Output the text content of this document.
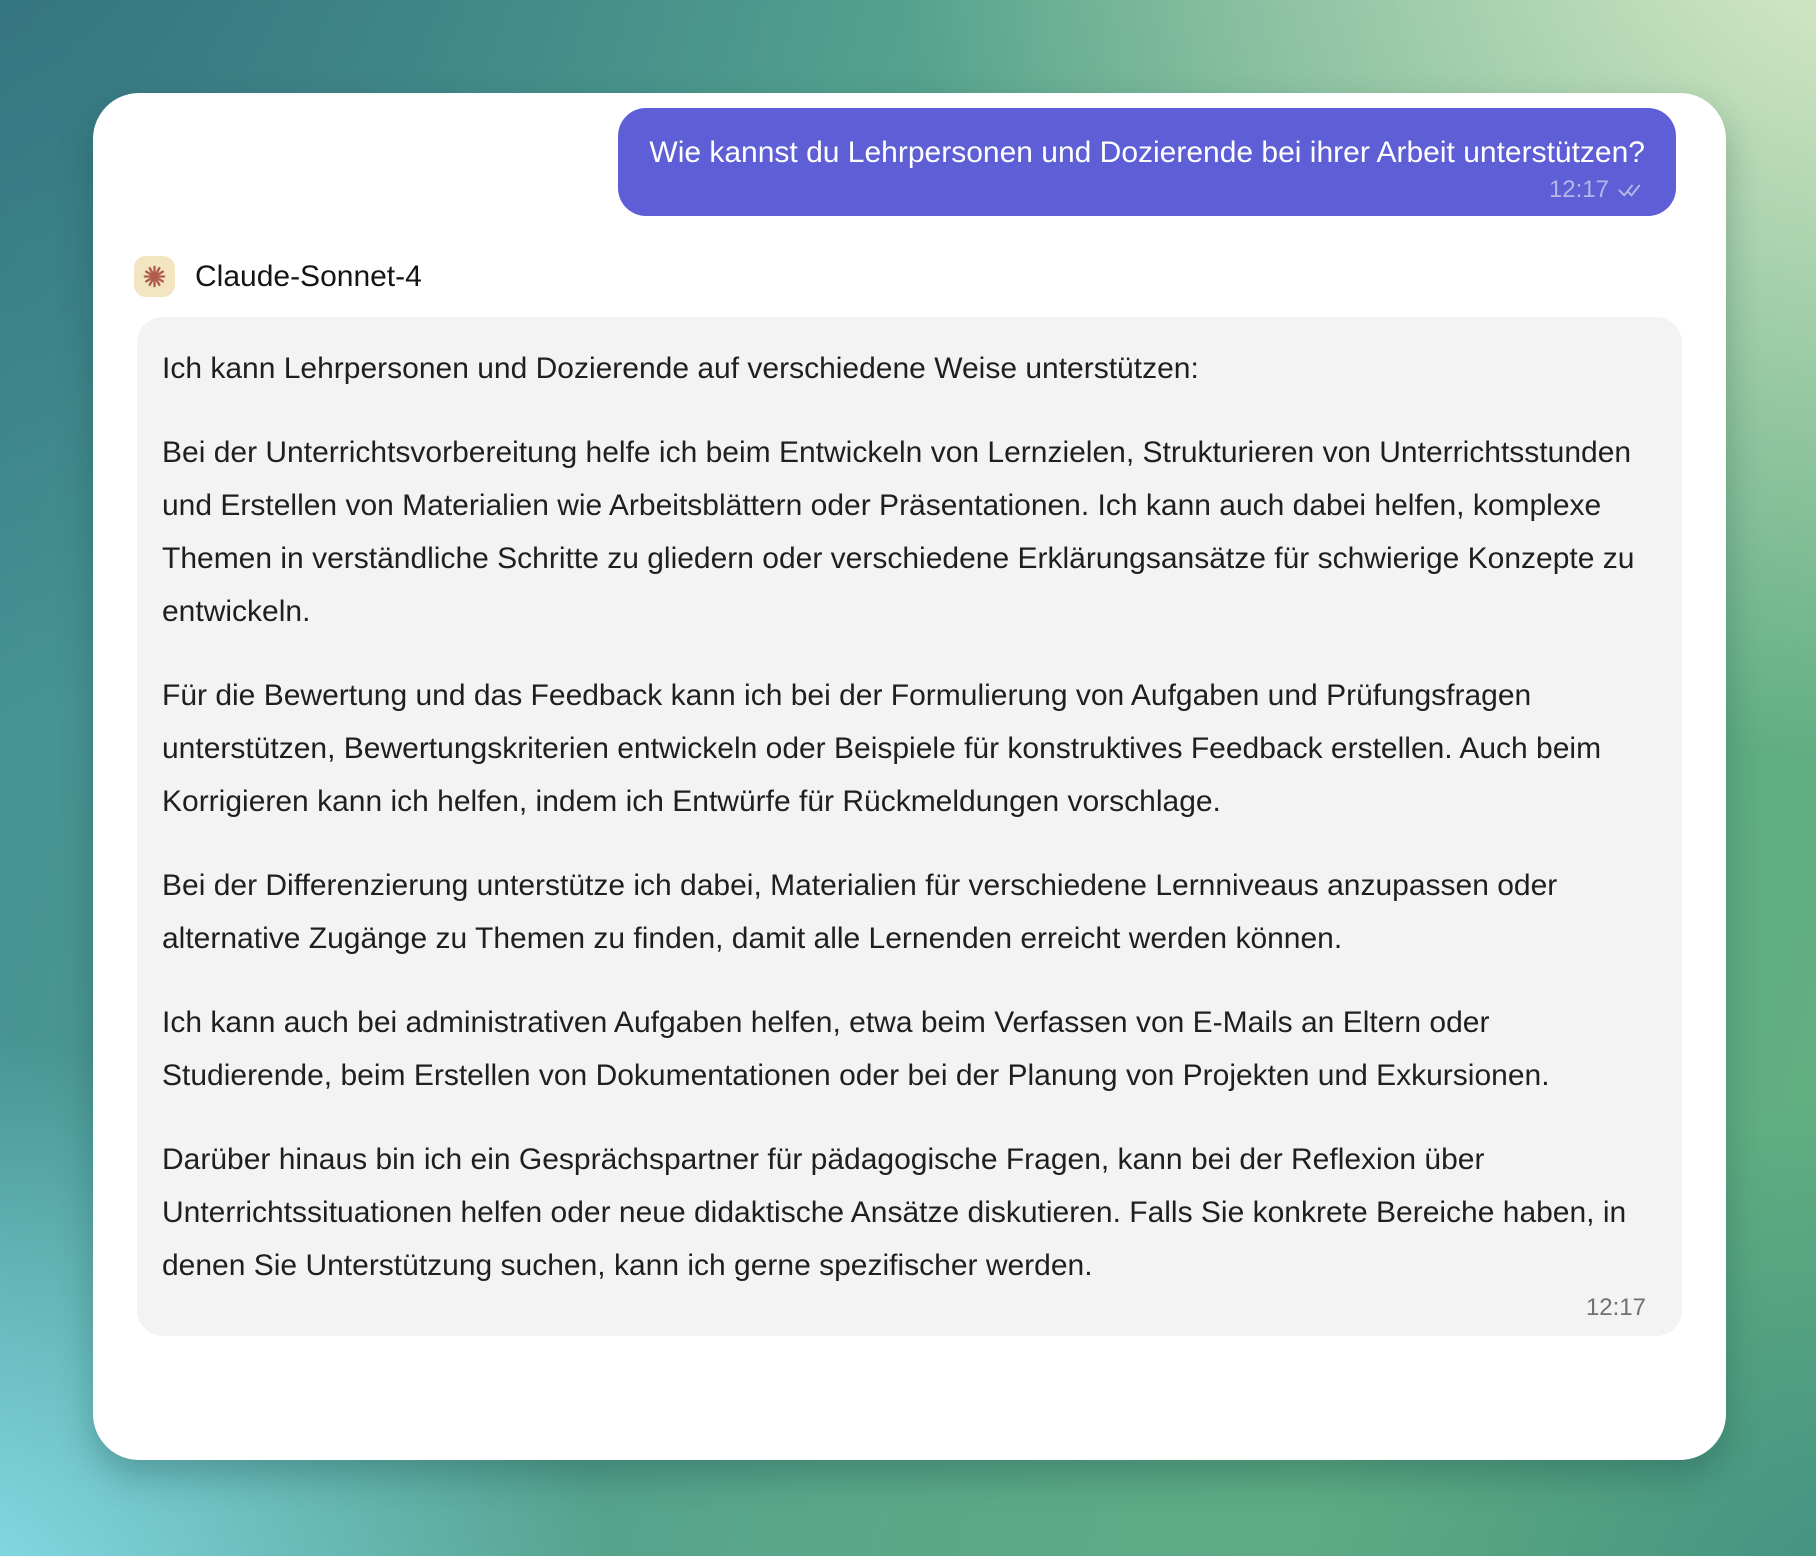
Wie kannst du Lehrpersonen und Dozierende bei ihrer Arbeit unterstützen?
12:17
Claude-Sonnet-4

Ich kann Lehrpersonen und Dozierende auf verschiedene Weise unterstützen:

Bei der Unterrichtsvorbereitung helfe ich beim Entwickeln von Lernzielen, Strukturieren von Unterrichtsstunden und Erstellen von Materialien wie Arbeitsblättern oder Präsentationen. Ich kann auch dabei helfen, komplexe Themen in verständliche Schritte zu gliedern oder verschiedene Erklärungsansätze für schwierige Konzepte zu entwickeln.

Für die Bewertung und das Feedback kann ich bei der Formulierung von Aufgaben und Prüfungsfragen unterstützen, Bewertungskriterien entwickeln oder Beispiele für konstruktives Feedback erstellen. Auch beim Korrigieren kann ich helfen, indem ich Entwürfe für Rückmeldungen vorschlage.

Bei der Differenzierung unterstütze ich dabei, Materialien für verschiedene Lernniveaus anzupassen oder alternative Zugänge zu Themen zu finden, damit alle Lernenden erreicht werden können.

Ich kann auch bei administrativen Aufgaben helfen, etwa beim Verfassen von E-Mails an Eltern oder Studierende, beim Erstellen von Dokumentationen oder bei der Planung von Projekten und Exkursionen.

Darüber hinaus bin ich ein Gesprächspartner für pädagogische Fragen, kann bei der Reflexion über Unterrichtssituationen helfen oder neue didaktische Ansätze diskutieren. Falls Sie konkrete Bereiche haben, in denen Sie Unterstützung suchen, kann ich gerne spezifischer werden.

12:17
